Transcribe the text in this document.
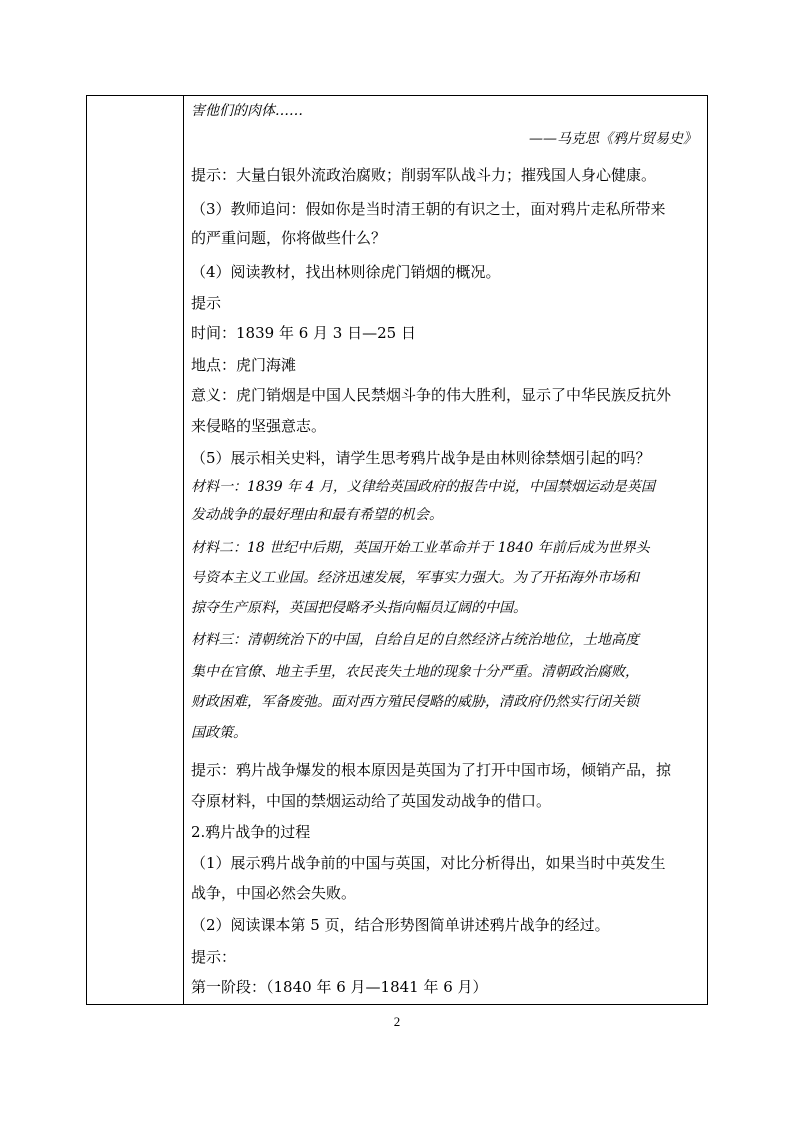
害他们的肉体……
——马克思《鸦片贸易史》
提示：大量白银外流政治腐败；削弱军队战斗力；摧残国人身心健康。
（3）教师追问：假如你是当时清王朝的有识之士，面对鸦片走私所带来
的严重问题，你将做些什么？
（4）阅读教材，找出林则徐虎门销烟的概况。
提示
时间：1839 年 6 月 3 日—25 日
地点：虎门海滩
意义：虎门销烟是中国人民禁烟斗争的伟大胜利，显示了中华民族反抗外
来侵略的坚强意志。
（5）展示相关史料，请学生思考鸦片战争是由林则徐禁烟引起的吗？
材料一：1839 年 4 月，义律给英国政府的报告中说，中国禁烟运动是英国
发动战争的最好理由和最有希望的机会。
材料二：18 世纪中后期，英国开始工业革命并于 1840 年前后成为世界头
号资本主义工业国。经济迅速发展，军事实力强大。为了开拓海外市场和
掠夺生产原料，英国把侵略矛头指向幅员辽阔的中国。
材料三：清朝统治下的中国，自给自足的自然经济占统治地位，土地高度
集中在官僚、地主手里，农民丧失土地的现象十分严重。清朝政治腐败，
财政困难，军备废弛。面对西方殖民侵略的威胁，清政府仍然实行闭关锁
国政策。
提示：鸦片战争爆发的根本原因是英国为了打开中国市场，倾销产品，掠
夺原材料，中国的禁烟运动给了英国发动战争的借口。
2.鸦片战争的过程
（1）展示鸦片战争前的中国与英国，对比分析得出，如果当时中英发生
战争，中国必然会失败。
（2）阅读课本第 5 页，结合形势图简单讲述鸦片战争的经过。
提示：
第一阶段：（1840 年 6 月—1841 年 6 月）
2
